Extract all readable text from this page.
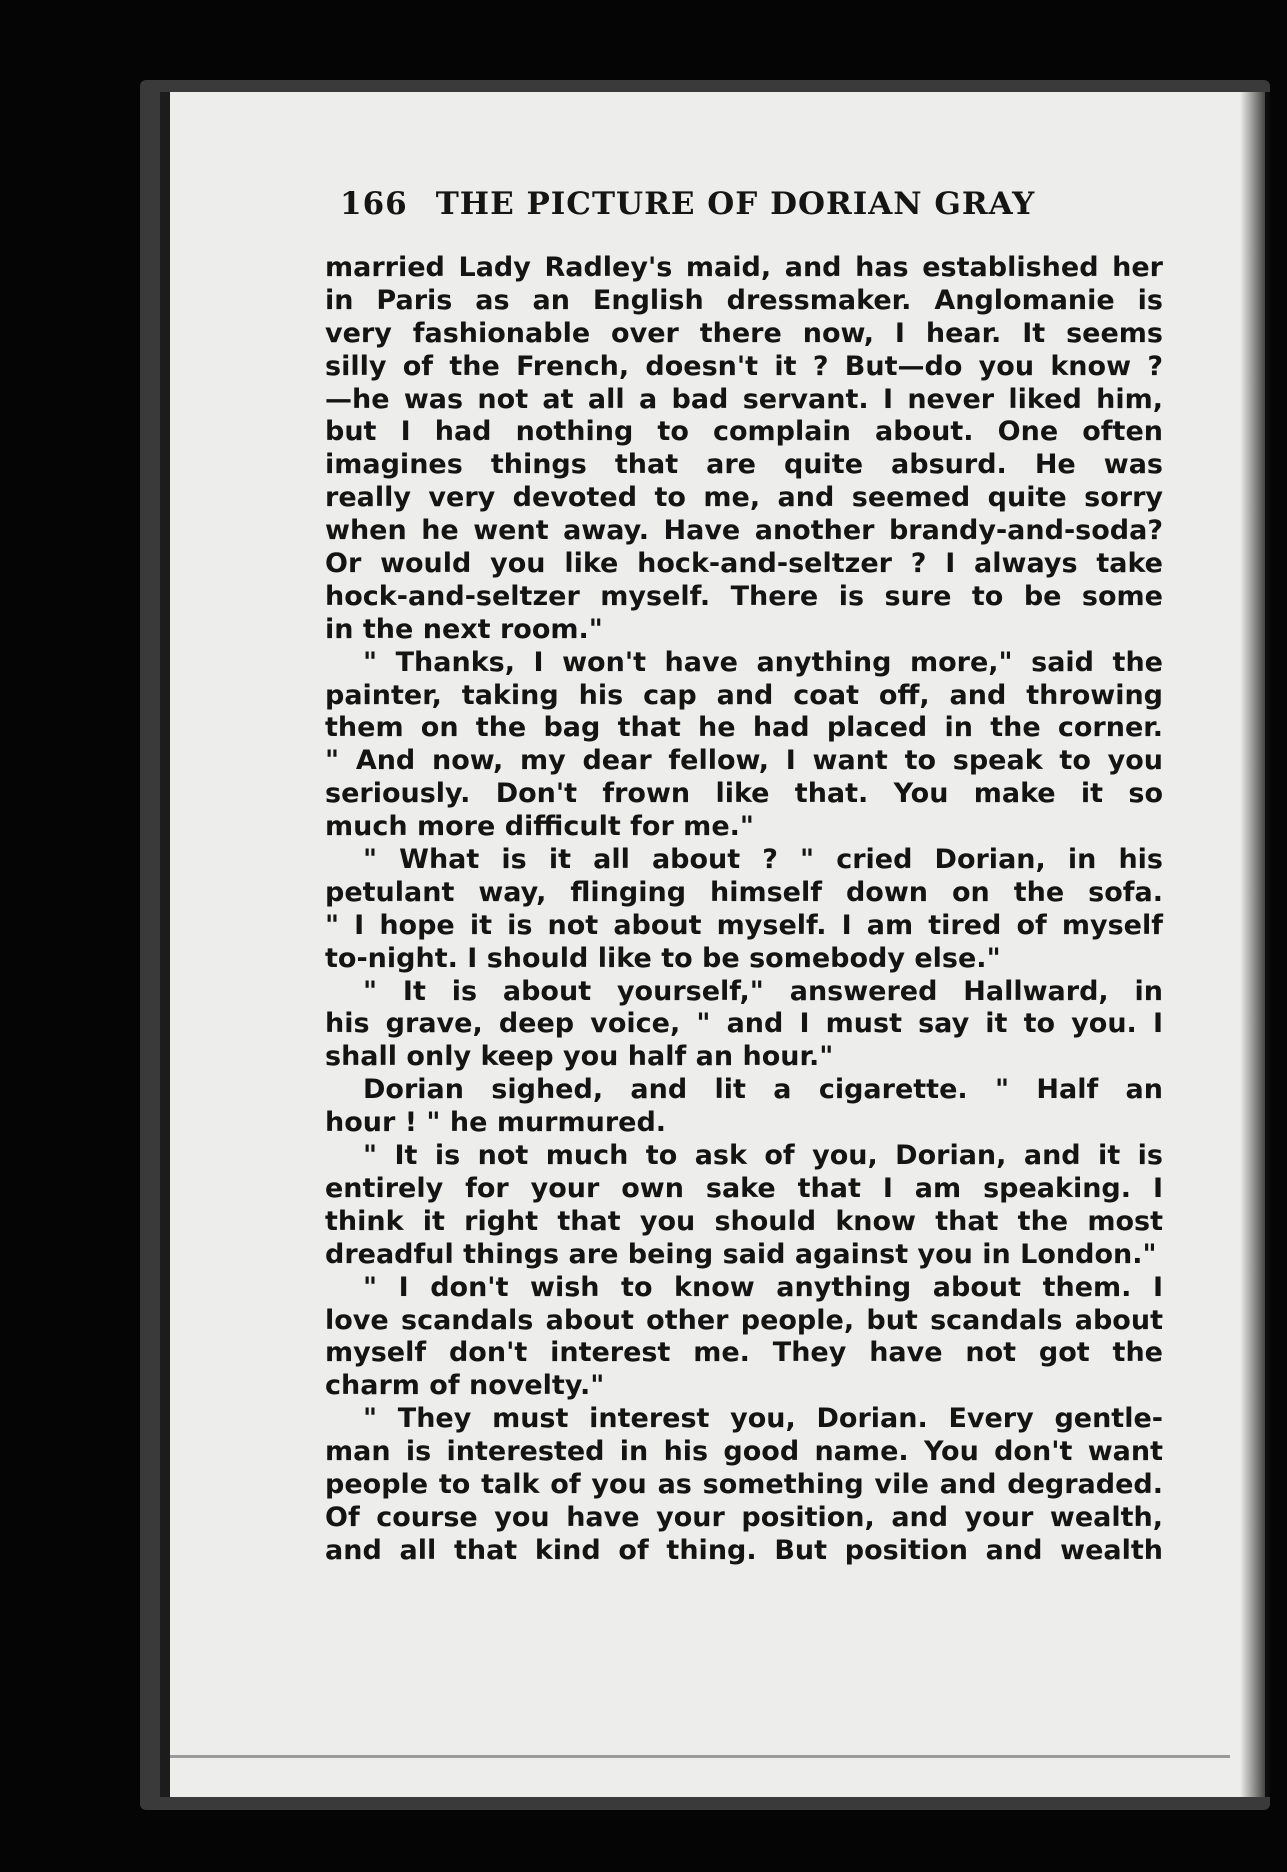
166 THE PICTURE OF DORIAN GRAY
married Lady Radley's maid, and has established her
in Paris as an English dressmaker. Anglomanie is
very fashionable over there now, I hear. It seems
silly of the French, doesn't it ? But—do you know ?
—he was not at all a bad servant. I never liked him,
but I had nothing to complain about. One often
imagines things that are quite absurd. He was
really very devoted to me, and seemed quite sorry
when he went away. Have another brandy-and-soda?
Or would you like hock-and-seltzer ? I always take
hock-and-seltzer myself. There is sure to be some
in the next room."
" Thanks, I won't have anything more," said the
painter, taking his cap and coat off, and throwing
them on the bag that he had placed in the corner.
" And now, my dear fellow, I want to speak to you
seriously. Don't frown like that. You make it so
much more difficult for me."
" What is it all about ? " cried Dorian, in his
petulant way, flinging himself down on the sofa.
" I hope it is not about myself. I am tired of myself
to-night. I should like to be somebody else."
" It is about yourself," answered Hallward, in
his grave, deep voice, " and I must say it to you. I
shall only keep you half an hour."
Dorian sighed, and lit a cigarette. " Half an
hour ! " he murmured.
" It is not much to ask of you, Dorian, and it is
entirely for your own sake that I am speaking. I
think it right that you should know that the most
dreadful things are being said against you in London."
" I don't wish to know anything about them. I
love scandals about other people, but scandals about
myself don't interest me. They have not got the
charm of novelty."
" They must interest you, Dorian. Every gentle-
man is interested in his good name. You don't want
people to talk of you as something vile and degraded.
Of course you have your position, and your wealth,
and all that kind of thing. But position and wealth
